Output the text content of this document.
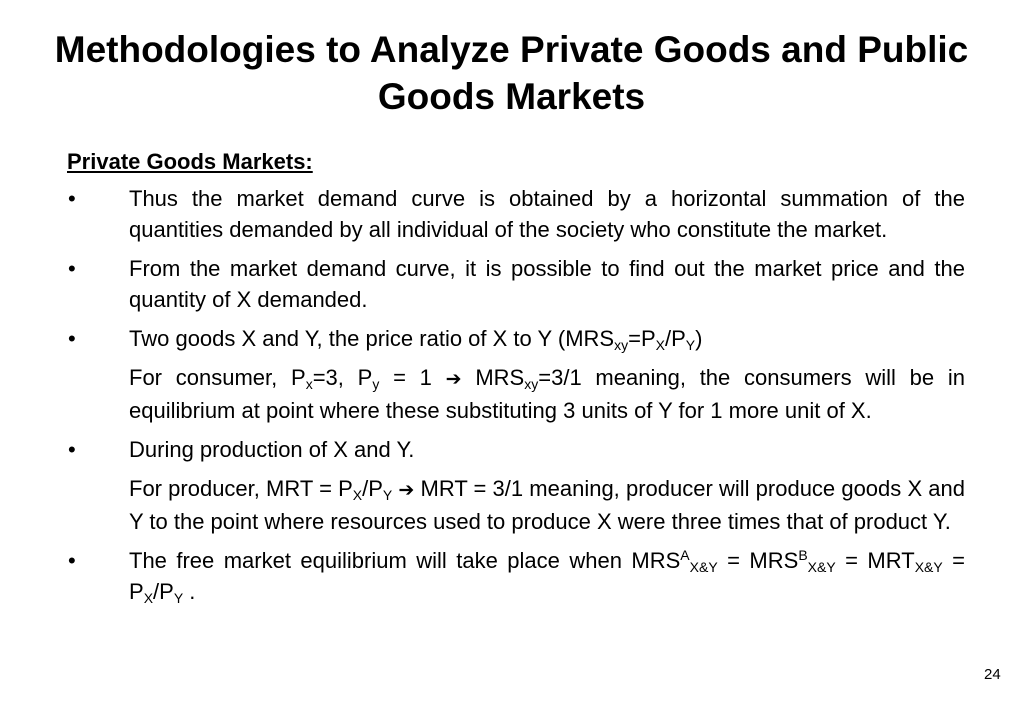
Methodologies to Analyze Private Goods and Public Goods Markets
Private Goods Markets:
• Thus the market demand curve is obtained by a horizontal summation of the quantities demanded by all individual of the society who constitute the market.
• From the market demand curve, it is possible to find out the market price and the quantity of X demanded.
• Two goods X and Y, the price ratio of X to Y $(MRS_{xy}=P_X/P_Y)$
For consumer, $P_x=3$, $P_y = 1$ ➔ $MRS_{xy}=3/1$ meaning, the consumers will be in equilibrium at point where these substituting 3 units of Y for 1 more unit of X.
• During production of X and Y.
For producer, MRT = $P_X/P_Y$ ➔ MRT = 3/1 meaning, producer will produce goods X and Y to the point where resources used to produce X were three times that of product Y.
• The free market equilibrium will take place when $MRS^A_{X\&Y} = MRS^B_{X\&Y} = MRT_{X\&Y} = P_X/P_Y$ .
24
